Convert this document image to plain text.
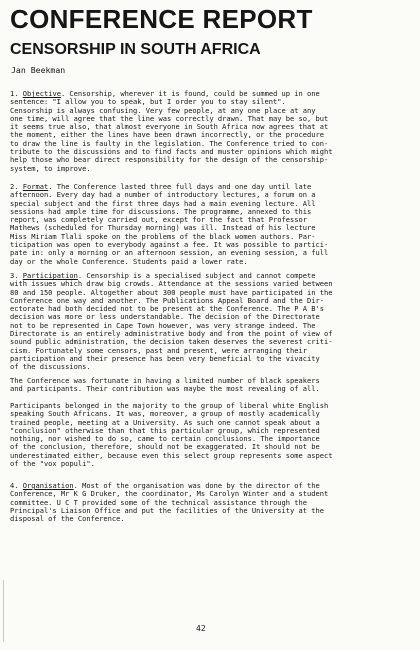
CONFERENCE REPORT
CENSORSHIP IN SOUTH AFRICA
Jan Beekman

1. Objective. Censorship, wherever it is found, could be summed up in one
sentence: "I allow you to speak, but I order you to stay silent".
Censorship is always confusing. Very few people, at any one place at any
one time, will agree that the line was correctly drawn. That may be so, but
it seems true also, that almost everyone in South Africa now agrees that at
the moment, either the lines have been drawn incorrectly, or the procedure
to draw the line is faulty in the legislation. The Conference tried to con-
tribute to the discussions and to find facts and muster opinions which might
help those who bear direct responsibility for the design of the censorship-
system, to improve.

2. Format. The Conference lasted three full days and one day until late
afternoon. Every day had a number of introductory lectures, a forum on a
special subject and the first three days had a main evening lecture. All
sessions had ample time for discussions. The programme, annexed to this
report, was completely carried out, except for the fact that Professor
Mathews (scheduled for Thursday morning) was ill. Instead of his lecture
Miss Miriam Tlali spoke on the problems of the black women authors. Par-
ticipation was open to everybody against a fee. It was possible to partici-
pate in: only a morning or an afternoon session, an evening session, a full
day or the whole Conference. Students paid a lower rate.

3. Participation. Censorship is a specialised subject and cannot compete
with issues which draw big crowds. Attendance at the sessions varied between
80 and 150 people. Altogether about 300 people must have participated in the
Conference one way and another. The Publications Appeal Board and the Dir-
ectorate had both decided not to be present at the Conference. The P A B's
decision was more or less understandable. The decision of the Directorate
not to be represented in Cape Town however, was very strange indeed. The
Directorate is an entirely administrative body and from the point of view of
sound public administration, the decision taken deserves the severest criti-
cism. Fortunately some censors, past and present, were arranging their
participation and their presence has been very beneficial to the vivacity
of the discussions.

The Conference was fortunate in having a limited number of black speakers
and participants. Their contribution was maybe the most revealing of all.

Participants belonged in the majority to the group of liberal white English
speaking South Africans. It was, moreover, a group of mostly academically
trained people, meeting at a University. As such one cannot speak about a
"conclusion" otherwise than that this particular group, which represented
nothing, nor wished to do so, came to certain conclusions. The importance
of the conclusion, therefore, should not be exaggerated. It should not be
underestimated either, because even this select group represents some aspect
of the "vox populi".

4. Organisation. Most of the organisation was done by the director of the
Conference, Mr K G Druker, the coordinator, Ms Carolyn Winter and a student
committee. U C T provided some of the technical assistance through the
Principal's Liaison Office and put the facilities of the University at the
disposal of the Conference.

42
